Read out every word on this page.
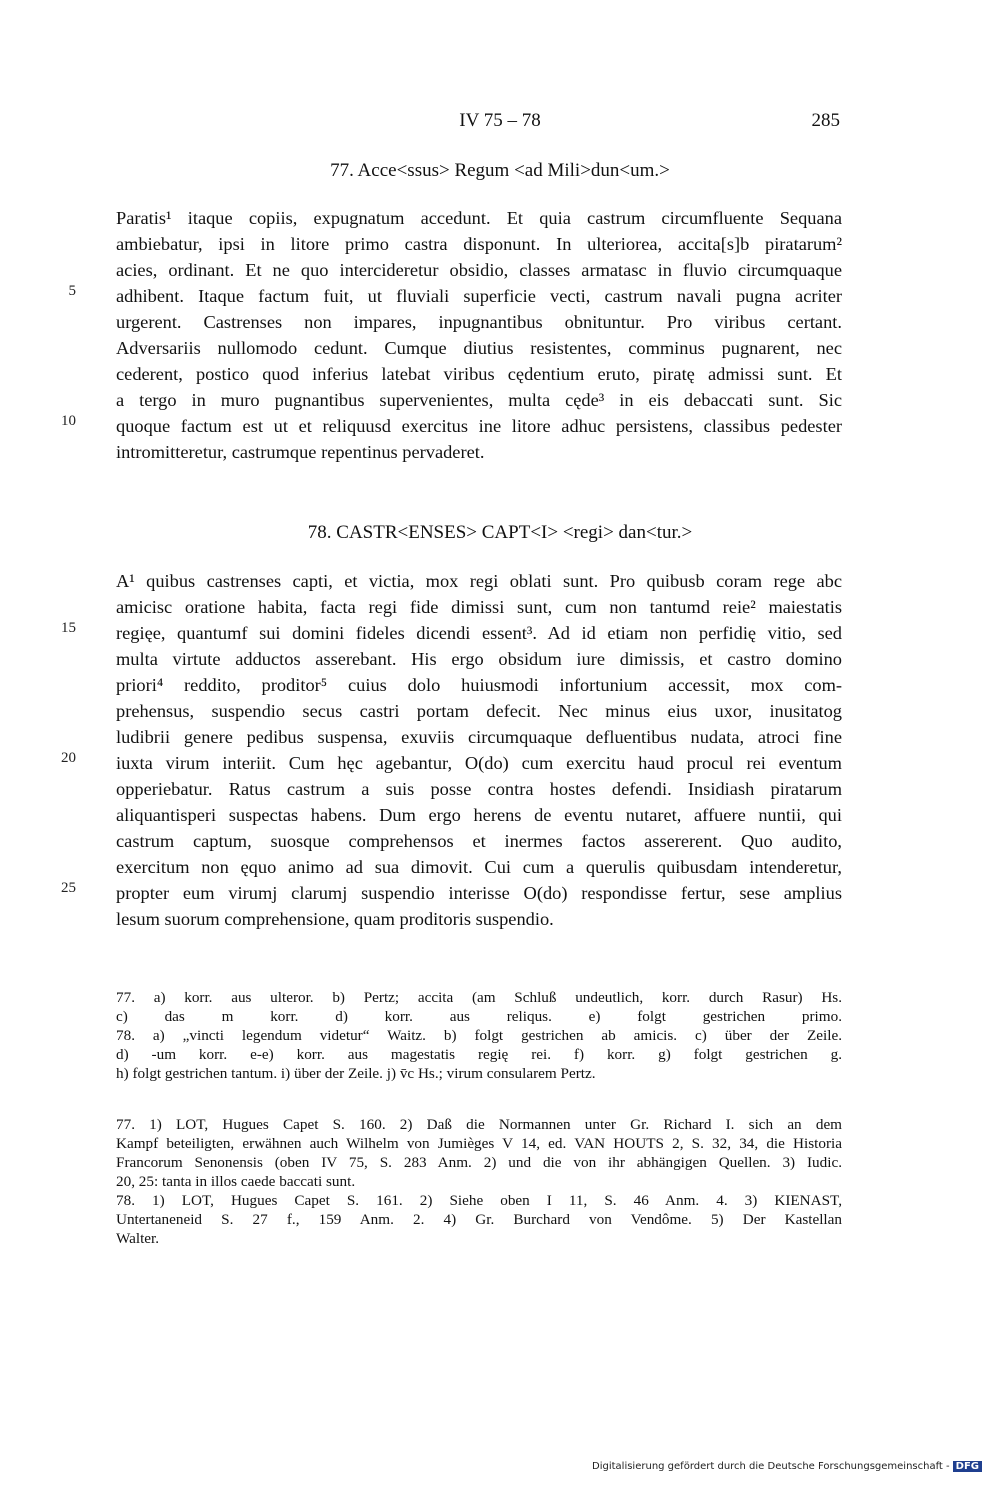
IV 75 – 78	285
77. Acce<ssus> Regum <ad Mili>dun<um.>
Paratis¹ itaque copiis, expugnatum accedunt. Et quia castrum circumfluente Sequana
ambiebatur, ipsi in litore primo castra disponunt. In ulteriorea, accita[s]b piratarum²
acies, ordinant. Et ne quo intercideretur obsidio, classes armatasc in fluvio circumquaque
adhibent. Itaque factum fuit, ut fluviali superficie vecti, castrum navali pugna acriter
urgerent. Castrenses non impares, inpugnantibus obnituntur. Pro viribus certant.
Adversariis nullomodo cedunt. Cumque diutius resistentes, comminus pugnarent, nec
cederent, postico quod inferius latebat viribus cędentium eruto, piratę admissi sunt. Et
a tergo in muro pugnantibus supervenientes, multa cęde³ in eis debaccati sunt. Sic
quoque factum est ut et reliquusd exercitus ine litore adhuc persistens, classibus pedester
intromitteretur, castrumque repentinus pervaderet.
5
10
78. CASTR<ENSES> CAPT<I> <regi> dan<tur.>
A¹ quibus castrenses capti, et victia, mox regi oblati sunt. Pro quibusb coram rege abc
amicisc oratione habita, facta regi fide dimissi sunt, cum non tantumd reie² maiestatis
regięe, quantumf sui domini fideles dicendi essent³. Ad id etiam non perfidię vitio, sed
multa virtute adductos asserebant. His ergo obsidum iure dimissis, et castro domino
priori⁴ reddito, proditor⁵ cuius dolo huiusmodi infortunium accessit, mox com-
prehensus, suspendio secus castri portam defecit. Nec minus eius uxor, inusitatog
ludibrii genere pedibus suspensa, exuviis circumquaque defluentibus nudata, atroci fine
iuxta virum interiit. Cum hęc agebantur, O(do) cum exercitu haud procul rei eventum
opperiebatur. Ratus castrum a suis posse contra hostes defendi. Insidiash piratarum
aliquantisperi suspectas habens. Dum ergo herens de eventu nutaret, affuere nuntii, qui
castrum captum, suosque comprehensos et inermes factos assererent. Quo audito,
exercitum non ęquo animo ad sua dimovit. Cui cum a querulis quibusdam intenderetur,
propter eum virumj clarumj suspendio interisse O(do) respondisse fertur, sese amplius
lesum suorum comprehensione, quam proditoris suspendio.
15
20
25
77. a) korr. aus ulteror. b) Pertz; accita (am Schluß undeutlich, korr. durch Rasur) Hs.
c) das m korr. d) korr. aus reliqus. e) folgt gestrichen primo.
78. a) „vincti legendum videtur“ Waitz. b) folgt gestrichen ab amicis. c) über der Zeile.
d) -um korr. e-e) korr. aus magestatis regię rei. f) korr. g) folgt gestrichen g.
h) folgt gestrichen tantum. i) über der Zeile. j) v̄c Hs.; virum consularem Pertz.
77. 1) LOT, Hugues Capet S. 160. 2) Daß die Normannen unter Gr. Richard I. sich an dem
Kampf beteiligten, erwähnen auch Wilhelm von Jumièges V 14, ed. VAN HOUTS 2, S. 32, 34, die Historia
Francorum Senonensis (oben IV 75, S. 283 Anm. 2) und die von ihr abhängigen Quellen. 3) Iudic.
20, 25: tanta in illos caede baccati sunt.
78. 1) LOT, Hugues Capet S. 161. 2) Siehe oben I 11, S. 46 Anm. 4. 3) KIENAST,
Untertaneneid S. 27 f., 159 Anm. 2. 4) Gr. Burchard von Vendôme. 5) Der Kastellan
Walter.
Digitalisierung gefördert durch die Deutsche Forschungsgemeinschaft - DFG
